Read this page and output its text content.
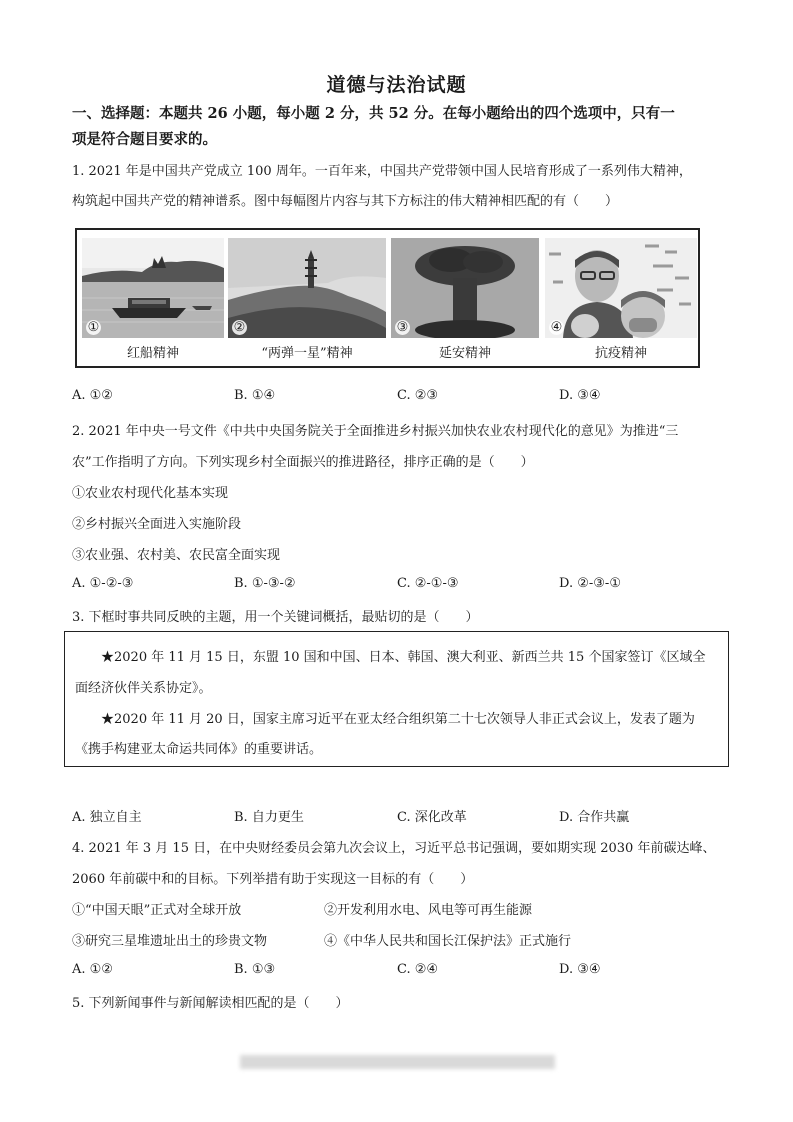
道德与法治试题
一、选择题：本题共 26 小题，每小题 2 分，共 52 分。在每小题给出的四个选项中，只有一
项是符合题目要求的。
1. 2021 年是中国共产党成立 100 周年。一百年来，中国共产党带领中国人民培育形成了一系列伟大精神，
构筑起中国共产党的精神谱系。图中每幅图片内容与其下方标注的伟大精神相匹配的有（　　）
①
红船精神
②
“两弹一星”精神
③
延安精神
④
抗疫精神
A. ①②	B. ①④	C. ②③	D. ③④
2. 2021 年中央一号文件《中共中央国务院关于全面推进乡村振兴加快农业农村现代化的意见》为推进“三
农”工作指明了方向。下列实现乡村全面振兴的推进路径，排序正确的是（　　）
①农业农村现代化基本实现
②乡村振兴全面进入实施阶段
③农业强、农村美、农民富全面实现
A. ①-②-③	B. ①-③-②	C. ②-①-③	D. ②-③-①
3. 下框时事共同反映的主题，用一个关键词概括，最贴切的是（　　）
★2020 年 11 月 15 日，东盟 10 国和中国、日本、韩国、澳大利亚、新西兰共 15 个国家签订《区域全
面经济伙伴关系协定》。
★2020 年 11 月 20 日，国家主席习近平在亚太经合组织第二十七次领导人非正式会议上，发表了题为
《携手构建亚太命运共同体》的重要讲话。
A. 独立自主	B. 自力更生	C. 深化改革	D. 合作共赢
4. 2021 年 3 月 15 日，在中央财经委员会第九次会议上，习近平总书记强调，要如期实现 2030 年前碳达峰、
2060 年前碳中和的目标。下列举措有助于实现这一目标的有（　　）
①“中国天眼”正式对全球开放	②开发利用水电、风电等可再生能源
③研究三星堆遗址出土的珍贵文物	④《中华人民共和国长江保护法》正式施行
A. ①②	B. ①③	C. ②④	D. ③④
5. 下列新闻事件与新闻解读相匹配的是（　　）
